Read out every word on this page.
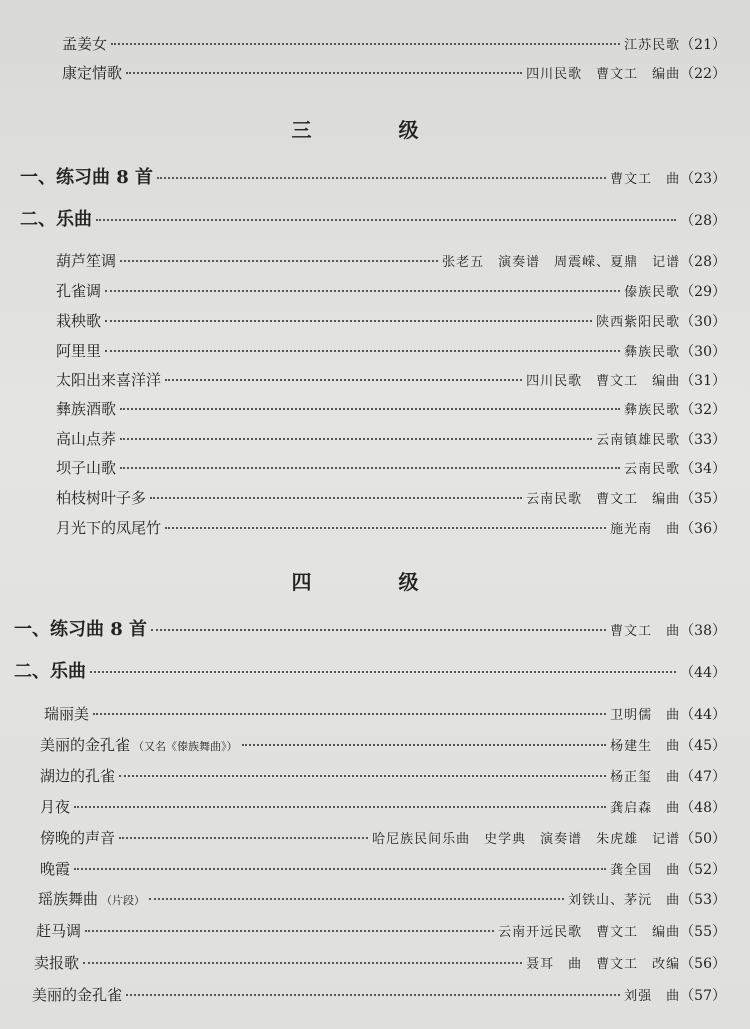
孟姜女	江苏民歌 （21）
康定情歌	四川民歌　曹文工　编曲 （22）
三 级
一、练习曲 8 首	曹文工　曲 （23）
二、乐曲	（28）
葫芦笙调	张老五　演奏谱　周震嵘、夏鼎　记谱 （28）
孔雀调	傣族民歌 （29）
栽秧歌	陕西紫阳民歌 （30）
阿里里	彝族民歌 （30）
太阳出来喜洋洋	四川民歌　曹文工　编曲 （31）
彝族酒歌	彝族民歌 （32）
高山点荞	云南镇雄民歌 （33）
坝子山歌	云南民歌 （34）
柏枝树叶子多	云南民歌　曹文工　编曲 （35）
月光下的凤尾竹	施光南　曲 （36）
四 级
一、练习曲 8 首	曹文工　曲 （38）
二、乐曲	（44）
瑞丽美	卫明儒　曲 （44）
美丽的金孔雀 （又名《傣族舞曲》）	杨建生　曲 （45）
湖边的孔雀	杨正玺　曲 （47）
月夜	龚启森　曲 （48）
傍晚的声音	哈尼族民间乐曲　史学典　演奏谱　朱虎雄　记谱 （50）
晚霞	龚全国　曲 （52）
瑶族舞曲 （片段）	刘铁山、茅沅　曲 （53）
赶马调	云南开远民歌　曹文工　编曲 （55）
卖报歌	聂耳　曲　曹文工　改编 （56）
美丽的金孔雀	刘强　曲 （57）
